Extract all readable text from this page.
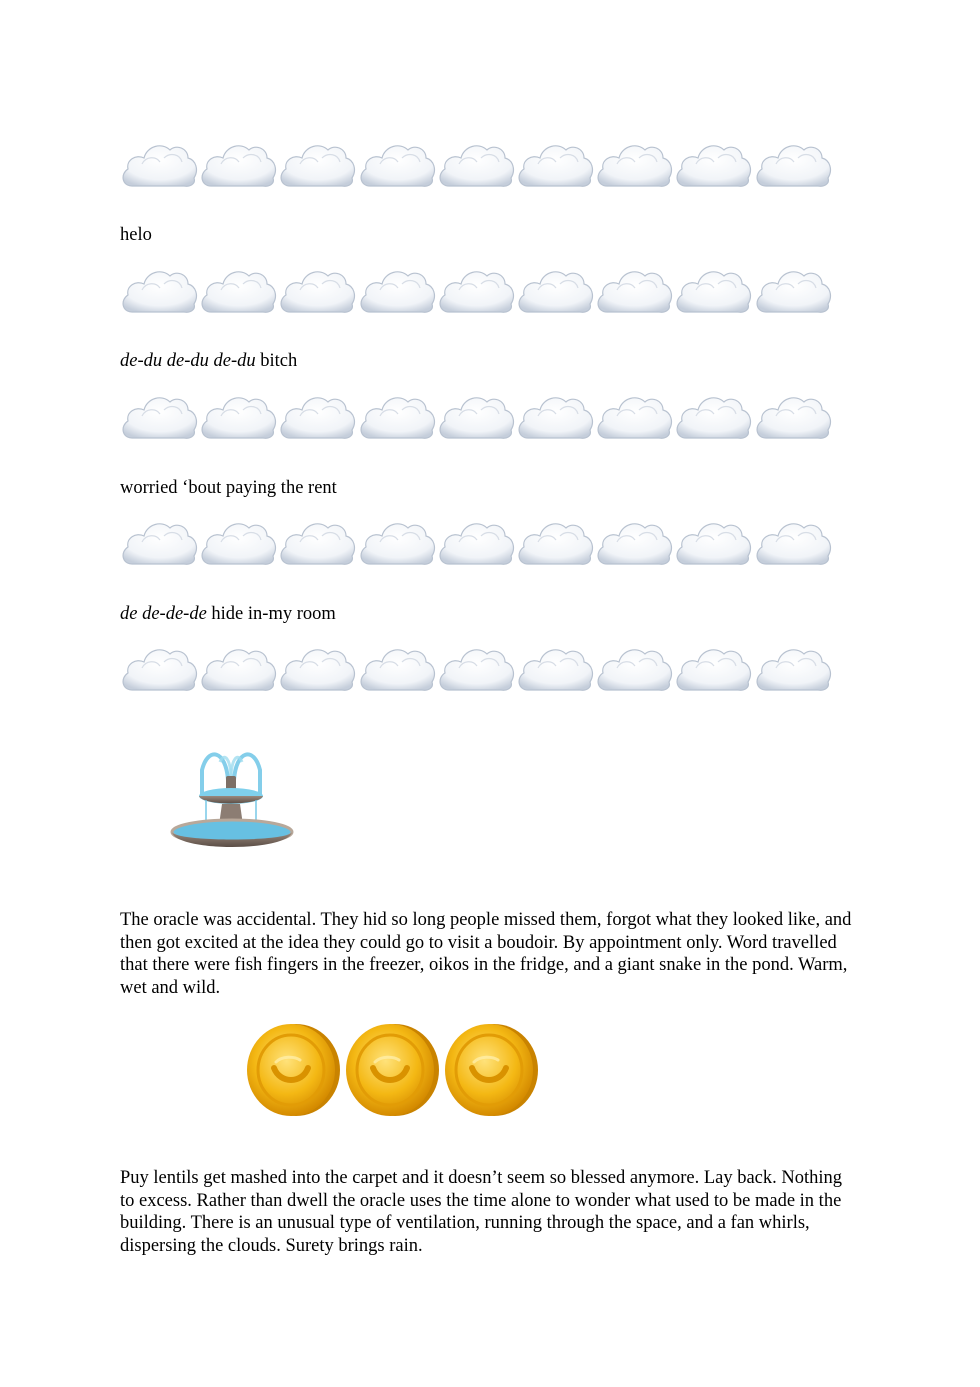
helo
de-du de-du de-du bitch
worried ‘bout paying the rent
de de-de-de hide in-my room
The oracle was accidental. They hid so long people missed them, forgot what they looked like, and then got excited at the idea they could go to visit a boudoir. By appointment only. Word travelled that there were fish fingers in the freezer, oikos in the fridge, and a giant snake in the pond. Warm, wet and wild.
Puy lentils get mashed into the carpet and it doesn’t seem so blessed anymore. Lay back. Nothing to excess. Rather than dwell the oracle uses the time alone to wonder what used to be made in the building. There is an unusual type of ventilation, running through the space, and a fan whirls, dispersing the clouds. Surety brings rain.
